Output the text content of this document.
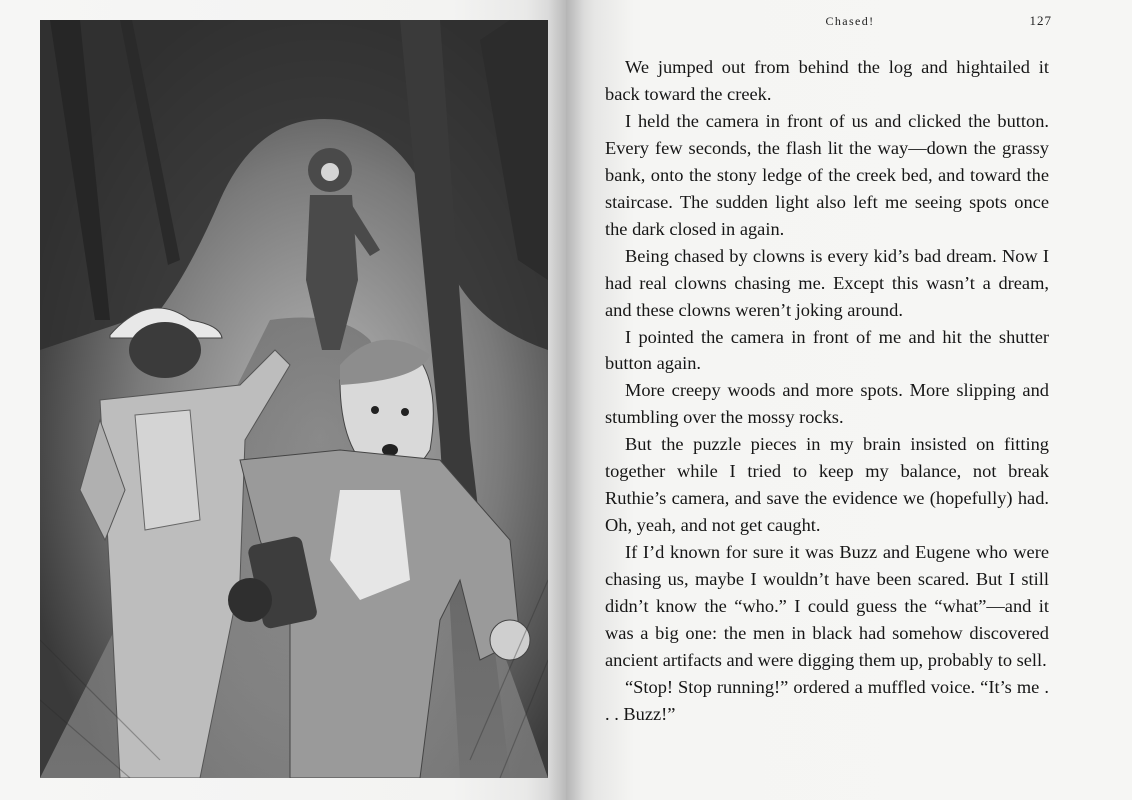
Chased!	127

We jumped out from behind the log and hightailed it back toward the creek.

I held the camera in front of us and clicked the button. Every few seconds, the flash lit the way—down the grassy bank, onto the stony ledge of the creek bed, and toward the staircase. The sudden light also left me seeing spots once the dark closed in again.

Being chased by clowns is every kid’s bad dream. Now I had real clowns chasing me. Except this wasn’t a dream, and these clowns weren’t joking around.

I pointed the camera in front of me and hit the shutter button again.

More creepy woods and more spots. More slipping and stumbling over the mossy rocks.

But the puzzle pieces in my brain insisted on fitting together while I tried to keep my balance, not break Ruthie’s camera, and save the evidence we (hopefully) had. Oh, yeah, and not get caught.

If I’d known for sure it was Buzz and Eugene who were chasing us, maybe I wouldn’t have been scared. But I still didn’t know the “who.” I could guess the “what”—and it was a big one: the men in black had somehow discovered ancient artifacts and were digging them up, probably to sell.

“Stop! Stop running!” ordered a muffled voice. “It’s me . . . Buzz!”
